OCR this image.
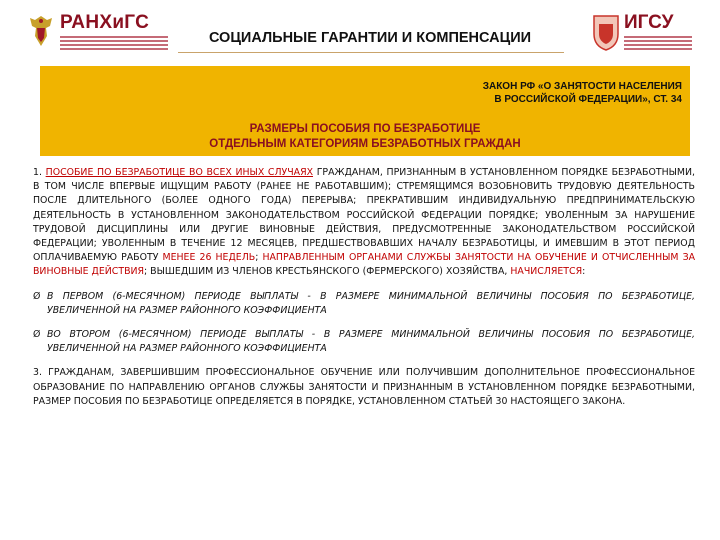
РАНХиГС
СОЦИАЛЬНЫЕ ГАРАНТИИ И КОМПЕНСАЦИИ
ИГСУ
ЗАКОН РФ «О ЗАНЯТОСТИ НАСЕЛЕНИЯ
В РОССИЙСКОЙ ФЕДЕРАЦИИ», СТ. 34
РАЗМЕРЫ ПОСОБИЯ ПО БЕЗРАБОТИЦЕ
ОТДЕЛЬНЫМ КАТЕГОРИЯМ БЕЗРАБОТНЫХ ГРАЖДАН

1. ПОСОБИЕ ПО БЕЗРАБОТИЦЕ ВО ВСЕХ ИНЫХ СЛУЧАЯХ ГРАЖДАНАМ, ПРИЗНАННЫМ В УСТАНОВЛЕННОМ ПОРЯДКЕ БЕЗРАБОТНЫМИ, В ТОМ ЧИСЛЕ ВПЕРВЫЕ ИЩУЩИМ РАБОТУ (РАНЕЕ НЕ РАБОТАВШИМ); СТРЕМЯЩИМСЯ ВОЗОБНОВИТЬ ТРУДОВУЮ ДЕЯТЕЛЬНОСТЬ ПОСЛЕ ДЛИТЕЛЬНОГО (БОЛЕЕ ОДНОГО ГОДА) ПЕРЕРЫВА; ПРЕКРАТИВШИМ ИНДИВИДУАЛЬНУЮ ПРЕДПРИНИМАТЕЛЬСКУЮ ДЕЯТЕЛЬНОСТЬ В УСТАНОВЛЕННОМ ЗАКОНОДАТЕЛЬСТВОМ РОССИЙСКОЙ ФЕДЕРАЦИИ ПОРЯДКЕ; УВОЛЕННЫМ ЗА НАРУШЕНИЕ ТРУДОВОЙ ДИСЦИПЛИНЫ ИЛИ ДРУГИЕ ВИНОВНЫЕ ДЕЙСТВИЯ, ПРЕДУСМОТРЕННЫЕ ЗАКОНОДАТЕЛЬСТВОМ РОССИЙСКОЙ ФЕДЕРАЦИИ; УВОЛЕННЫМ В ТЕЧЕНИЕ 12 МЕСЯЦЕВ, ПРЕДШЕСТВОВАВШИХ НАЧАЛУ БЕЗРАБОТИЦЫ, И ИМЕВШИМ В ЭТОТ ПЕРИОД ОПЛАЧИВАЕМУЮ РАБОТУ МЕНЕЕ 26 НЕДЕЛЬ; НАПРАВЛЕННЫМ ОРГАНАМИ СЛУЖБЫ ЗАНЯТОСТИ НА ОБУЧЕНИЕ И ОТЧИСЛЕННЫМ ЗА ВИНОВНЫЕ ДЕЙСТВИЯ; ВЫШЕДШИМ ИЗ ЧЛЕНОВ КРЕСТЬЯНСКОГО (ФЕРМЕРСКОГО) ХОЗЯЙСТВА, НАЧИСЛЯЕТСЯ:

Ø В ПЕРВОМ (6-МЕСЯЧНОМ) ПЕРИОДЕ ВЫПЛАТЫ - В РАЗМЕРЕ МИНИМАЛЬНОЙ ВЕЛИЧИНЫ ПОСОБИЯ ПО БЕЗРАБОТИЦЕ, УВЕЛИЧЕННОЙ НА РАЗМЕР РАЙОННОГО КОЭФФИЦИЕНТА

Ø ВО ВТОРОМ (6-МЕСЯЧНОМ) ПЕРИОДЕ ВЫПЛАТЫ - В РАЗМЕРЕ МИНИМАЛЬНОЙ ВЕЛИЧИНЫ ПОСОБИЯ ПО БЕЗРАБОТИЦЕ, УВЕЛИЧЕННОЙ НА РАЗМЕР РАЙОННОГО КОЭФФИЦИЕНТА

3. ГРАЖДАНАМ, ЗАВЕРШИВШИМ ПРОФЕССИОНАЛЬНОЕ ОБУЧЕНИЕ ИЛИ ПОЛУЧИВШИМ ДОПОЛНИТЕЛЬНОЕ ПРОФЕССИОНАЛЬНОЕ ОБРАЗОВАНИЕ ПО НАПРАВЛЕНИЮ ОРГАНОВ СЛУЖБЫ ЗАНЯТОСТИ И ПРИЗНАННЫМ В УСТАНОВЛЕННОМ ПОРЯДКЕ БЕЗРАБОТНЫМИ, РАЗМЕР ПОСОБИЯ ПО БЕЗРАБОТИЦЕ ОПРЕДЕЛЯЕТСЯ В ПОРЯДКЕ, УСТАНОВЛЕННОМ СТАТЬЕЙ 30 НАСТОЯЩЕГО ЗАКОНА.
